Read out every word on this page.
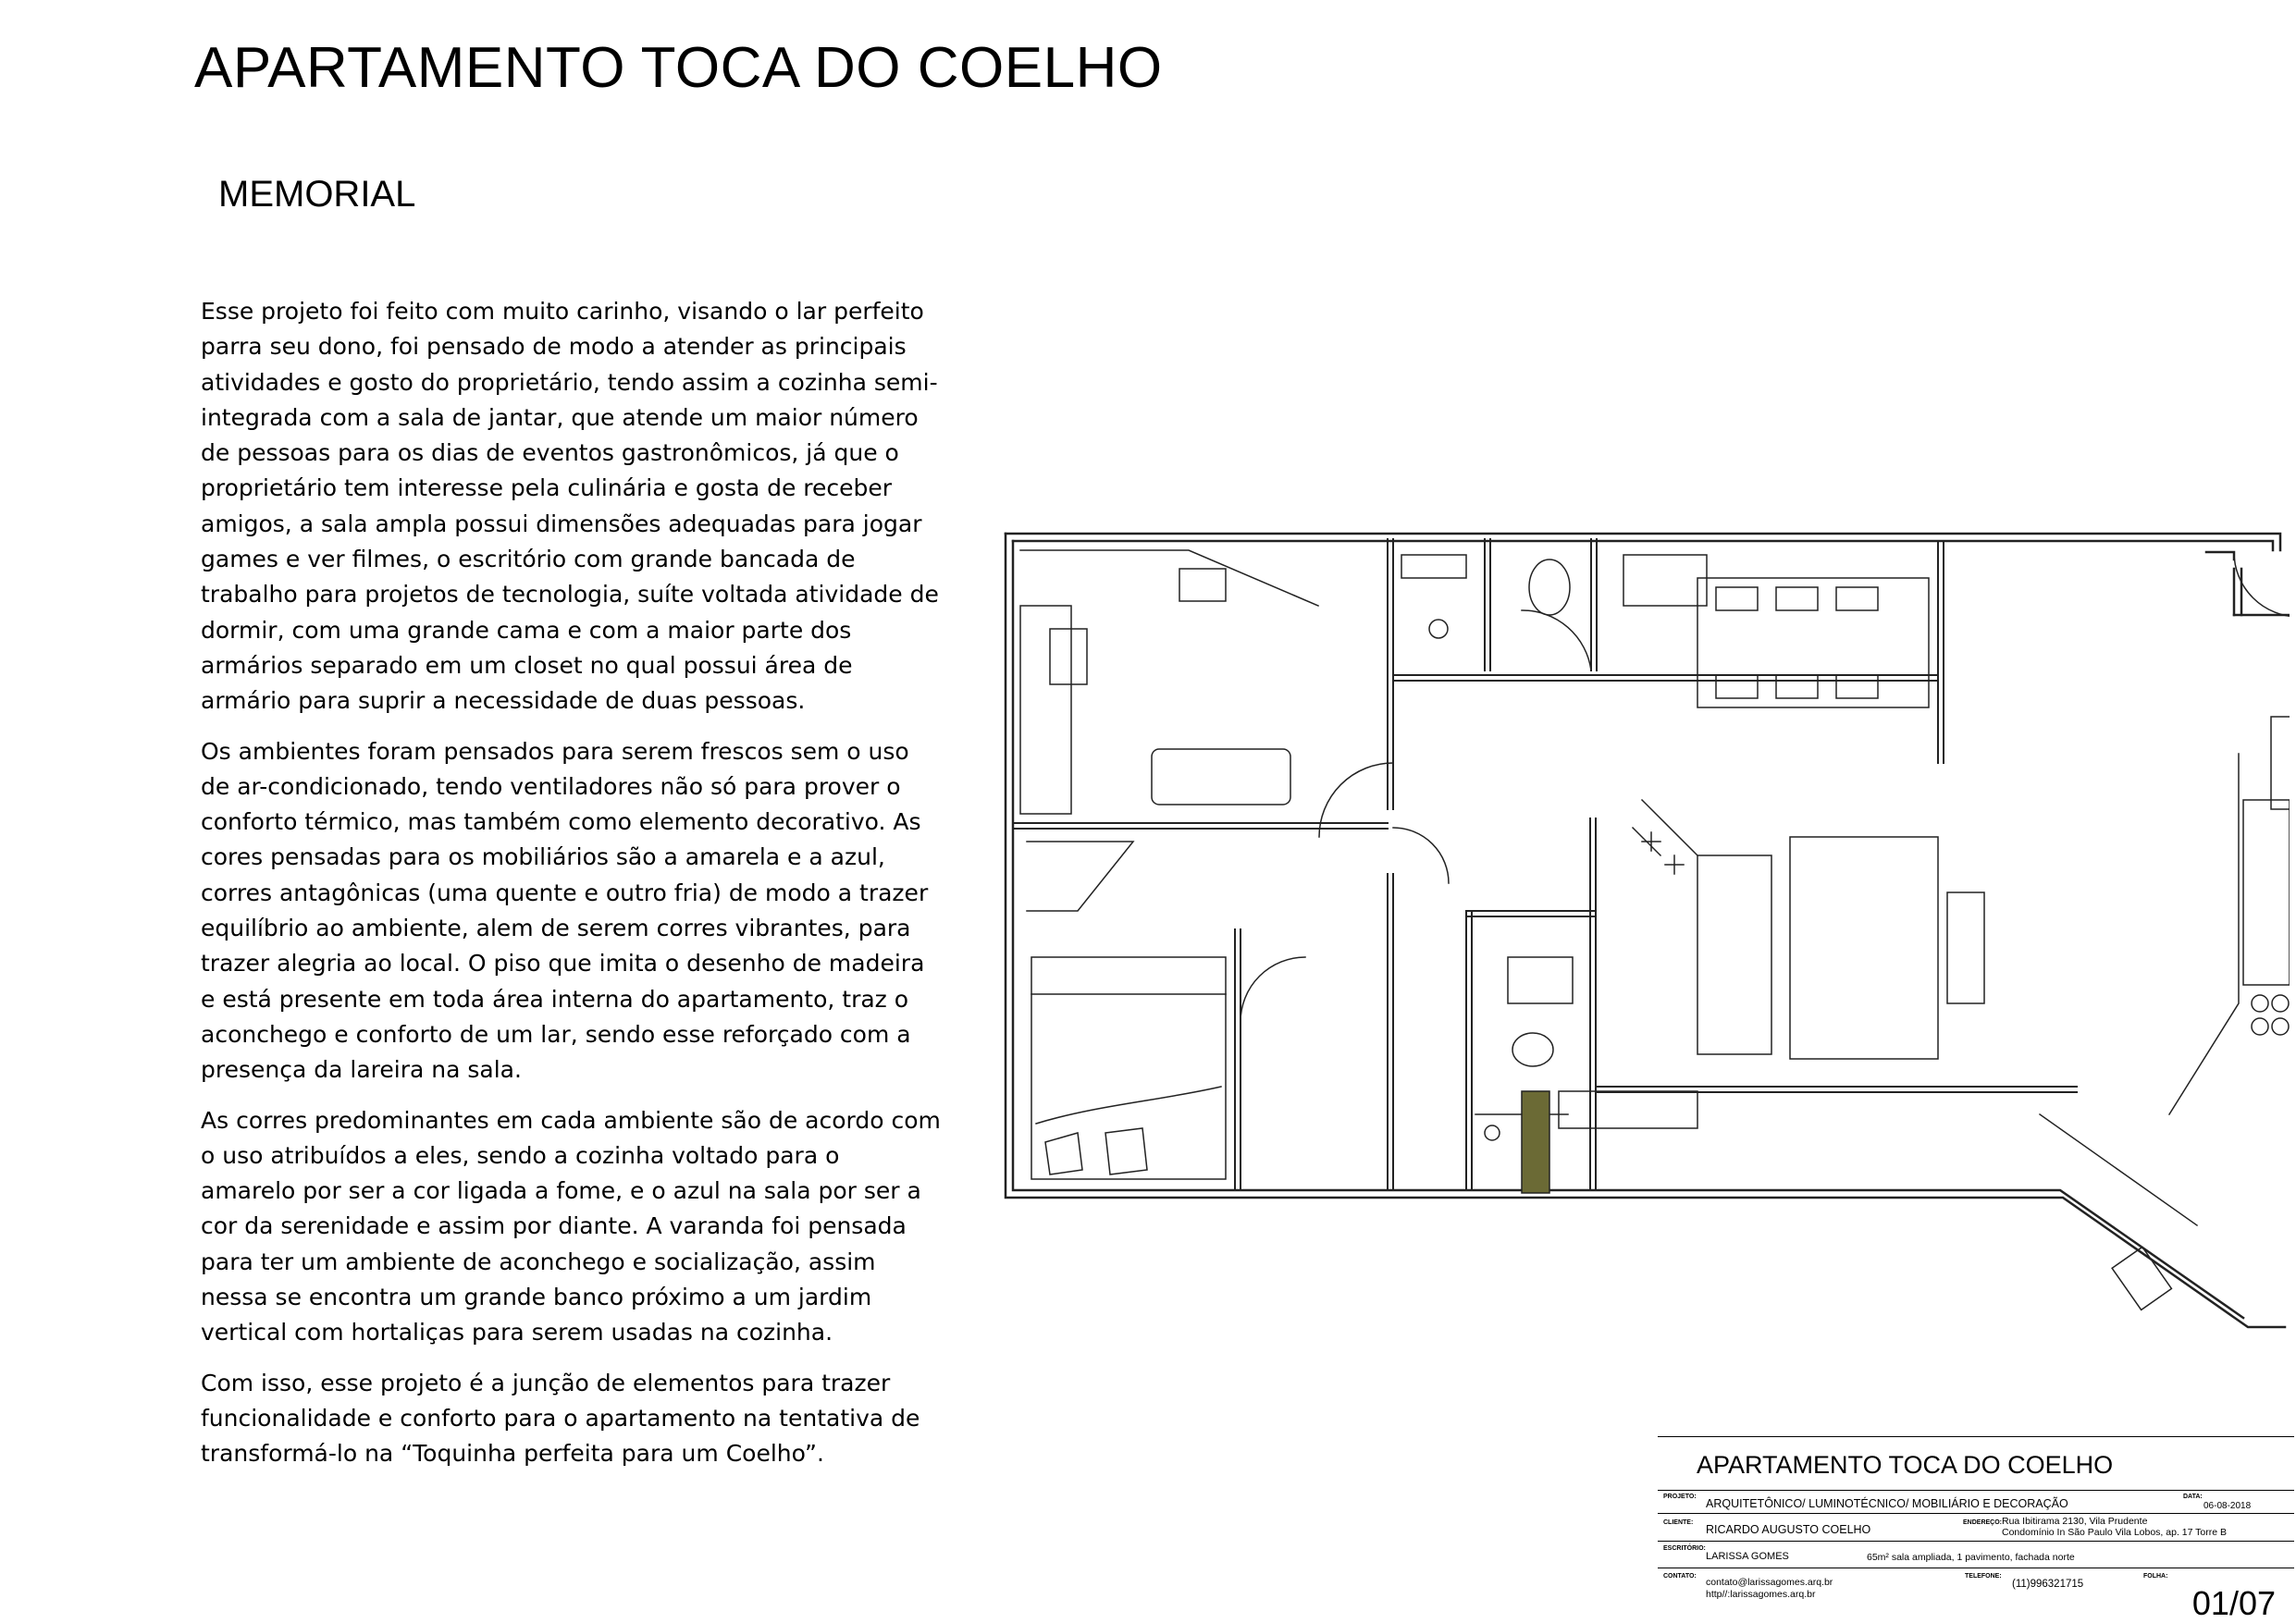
APARTAMENTO TOCA DO COELHO
MEMORIAL

Esse projeto foi feito com muito carinho, visando o lar perfeito parra seu dono, foi pensado de modo a atender as principais atividades e gosto do proprietário, tendo assim a cozinha semi-integrada com a sala de jantar, que atende um maior número de pessoas para os dias de eventos gastronômicos, já que o proprietário tem interesse pela culinária e gosta de receber amigos, a sala ampla possui dimensões adequadas para jogar games e ver filmes, o escritório com grande bancada de trabalho para projetos de tecnologia, suíte voltada atividade de dormir, com uma grande cama e com a maior parte dos armários separado em um closet no qual possui área de armário para suprir a necessidade de duas pessoas.

Os ambientes foram pensados para serem frescos sem o uso de ar-condicionado, tendo ventiladores não só para prover o conforto térmico, mas também como elemento decorativo. As cores pensadas para os mobiliários são a amarela e a azul, corres antagônicas (uma quente e outro fria) de modo a trazer equilíbrio ao ambiente, alem de serem corres vibrantes, para trazer alegria ao local. O piso que imita o desenho de madeira e está presente em toda área interna do apartamento, traz o aconchego e conforto de um lar, sendo esse reforçado com a presença da lareira na sala.

As corres predominantes em cada ambiente são de acordo com o uso atribuídos a eles, sendo a cozinha voltado para o amarelo por ser a cor ligada a fome, e o azul na sala por ser a cor da serenidade e assim por diante. A varanda foi pensada para ter um ambiente de aconchego e socialização, assim nessa se encontra um grande banco próximo a um jardim vertical com hortaliças para serem usadas na cozinha.

Com isso, esse projeto é a junção de elementos para trazer funcionalidade e conforto para o apartamento na tentativa de transformá-lo na “Toquinha perfeita para um Coelho”.	APARTAMENTO TOCA DO COELHO
PROJETO:
ARQUITETÔNICO/ LUMINOTÉCNICO/ MOBILIÁRIO E DECORAÇÃO
DATA:
06-08-2018
CLIENTE:
RICARDO AUGUSTO COELHO
ENDEREÇO: Rua Ibitirama 2130, Vila Prudente
Condomínio In São Paulo Vila Lobos, ap. 17 Torre B
ESCRITÓRIO:
LARISSA GOMES	65m² sala ampliada, 1 pavimento, fachada norte
CONTATO:
contato@larissagomes.arq.br
http//:larissagomes.arq.br
TELEFONE:
(11)996321715
FOLHA:
01/07
